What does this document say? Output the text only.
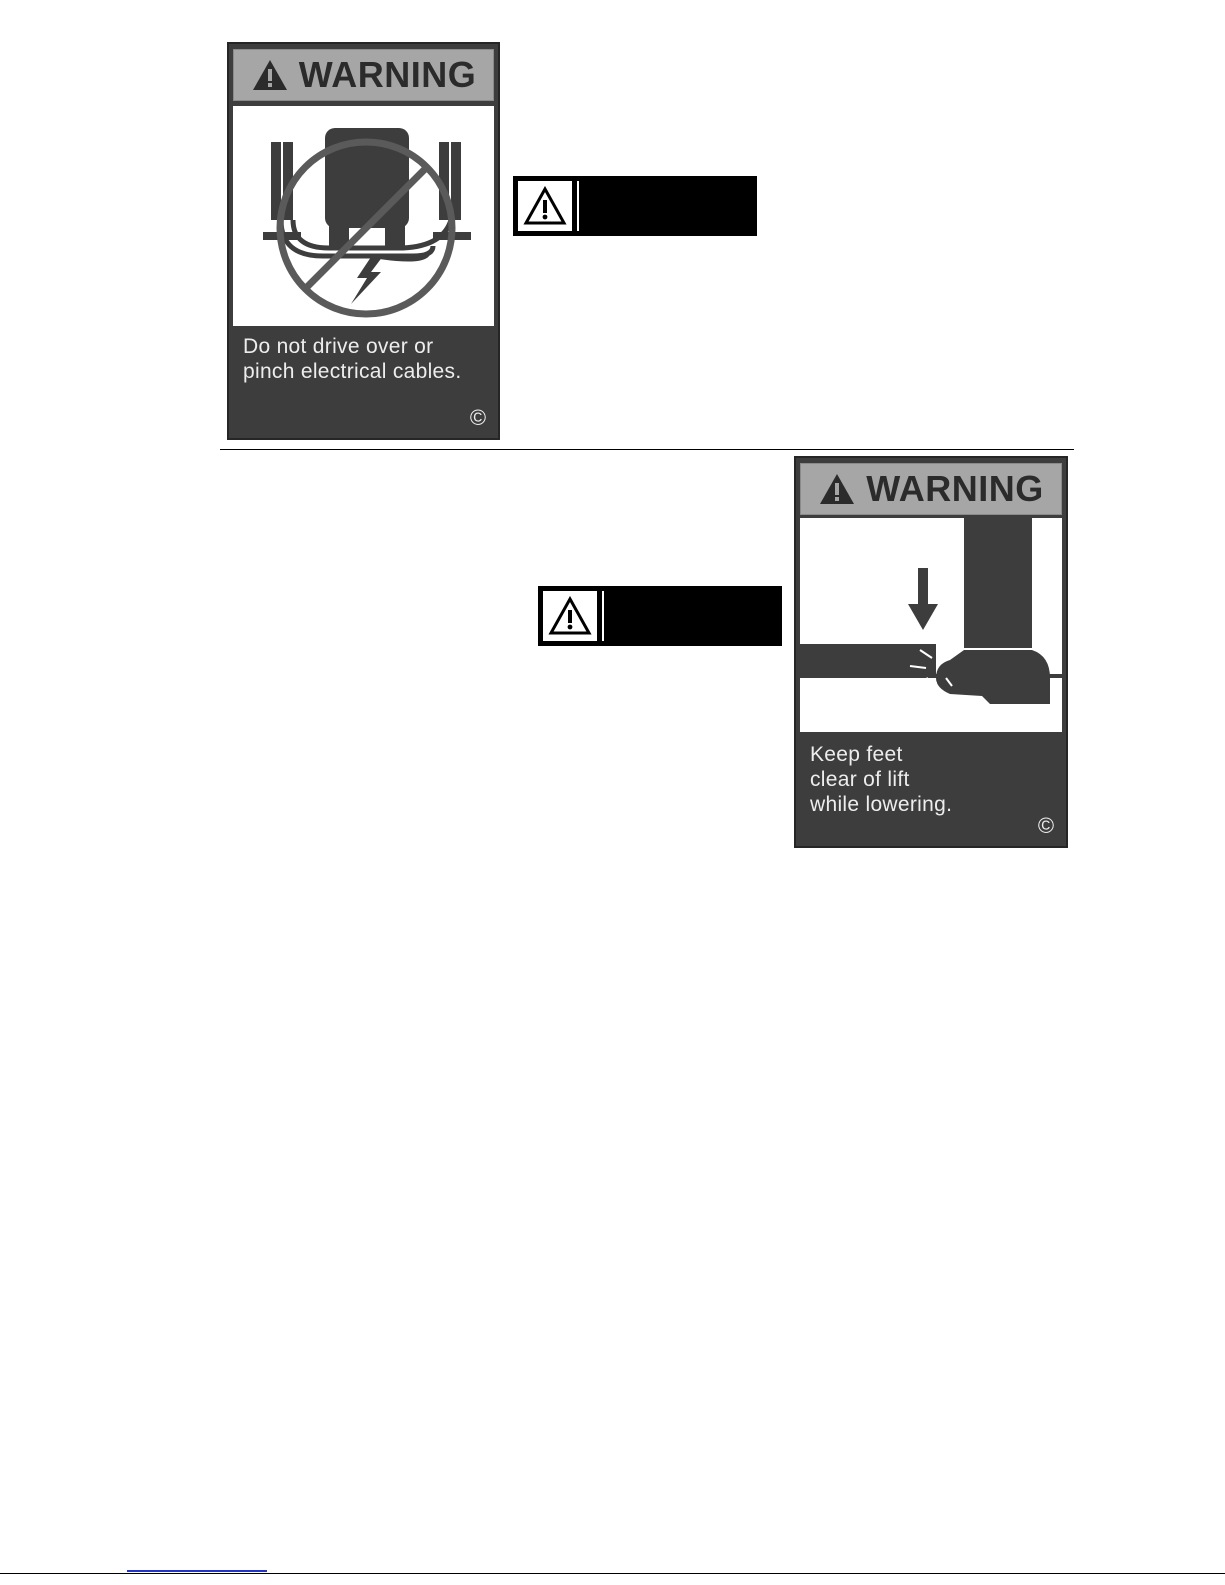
WARNING
Do not drive over or
pinch electrical cables.
©
WARNING
Keep feet
clear of lift
while lowering.
©
